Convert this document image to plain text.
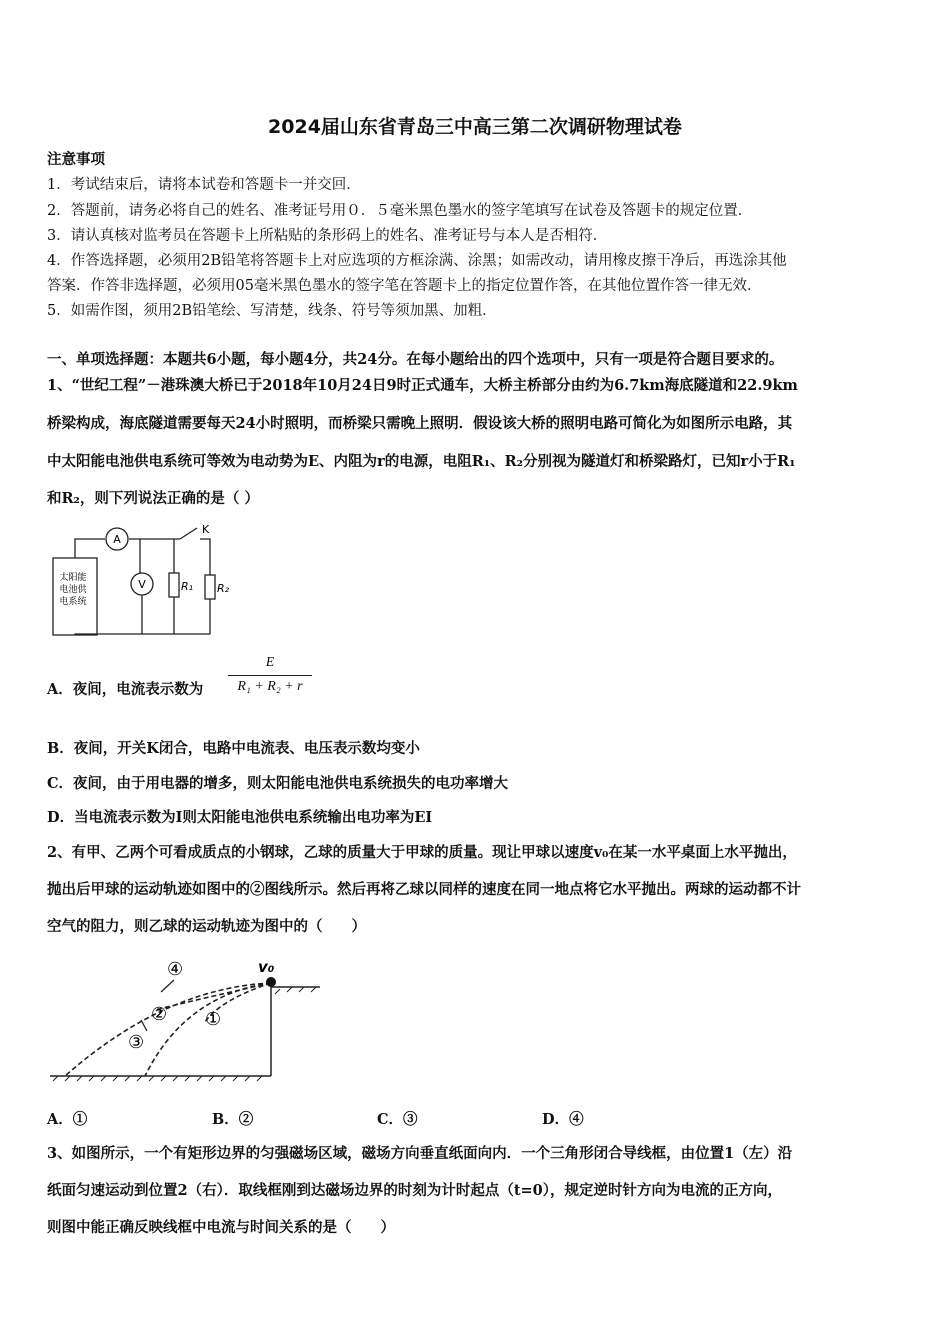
2024届山东省青岛三中高三第二次调研物理试卷
注意事项
1．考试结束后，请将本试卷和答题卡一并交回．
2．答题前，请务必将自己的姓名、准考证号用０．５毫米黑色墨水的签字笔填写在试卷及答题卡的规定位置．
3．请认真核对监考员在答题卡上所粘贴的条形码上的姓名、准考证号与本人是否相符．
4．作答选择题，必须用2B铅笔将答题卡上对应选项的方框涂满、涂黑；如需改动，请用橡皮擦干净后，再选涂其他
答案．作答非选择题，必须用05毫米黑色墨水的签字笔在答题卡上的指定位置作答，在其他位置作答一律无效．
5．如需作图，须用2B铅笔绘、写清楚，线条、符号等须加黑、加粗．
一、单项选择题：本题共6小题，每小题4分，共24分。在每小题给出的四个选项中，只有一项是符合题目要求的。
1、“世纪工程”－港珠澳大桥已于2018年10月24日9时正式通车，大桥主桥部分由约为6.7km海底隧道和22.9km
桥梁构成，海底隧道需要每天24小时照明，而桥梁只需晚上照明．假设该大桥的照明电路可简化为如图所示电路，其
中太阳能电池供电系统可等效为电动势为E、内阻为r的电源，电阻R₁、R₂分别视为隧道灯和桥梁路灯，已知r小于R₁
和R₂，则下列说法正确的是（ ）
太阳能
电池供
电系统
A
V
K
R₁ R₂
A．夜间，电流表示数为
E
R₁ + R₂ + r
B．夜间，开关K闭合，电路中电流表、电压表示数均变小
C．夜间，由于用电器的增多，则太阳能电池供电系统损失的电功率增大
D．当电流表示数为I则太阳能电池供电系统输出电功率为EI
2、有甲、乙两个可看成质点的小钢球，乙球的质量大于甲球的质量。现让甲球以速度v₀在某一水平桌面上水平抛出，
抛出后甲球的运动轨迹如图中的②图线所示。然后再将乙球以同样的速度在同一地点将它水平抛出。两球的运动都不计
空气的阻力，则乙球的运动轨迹为图中的（　　）
v₀
④
② ①
③
A．①	B．②	C．③	D．④
3、如图所示，一个有矩形边界的匀强磁场区域，磁场方向垂直纸面向内．一个三角形闭合导线框，由位置1（左）沿
纸面匀速运动到位置2（右）．取线框刚到达磁场边界的时刻为计时起点（t=0），规定逆时针方向为电流的正方向，
则图中能正确反映线框中电流与时间关系的是（　　）
